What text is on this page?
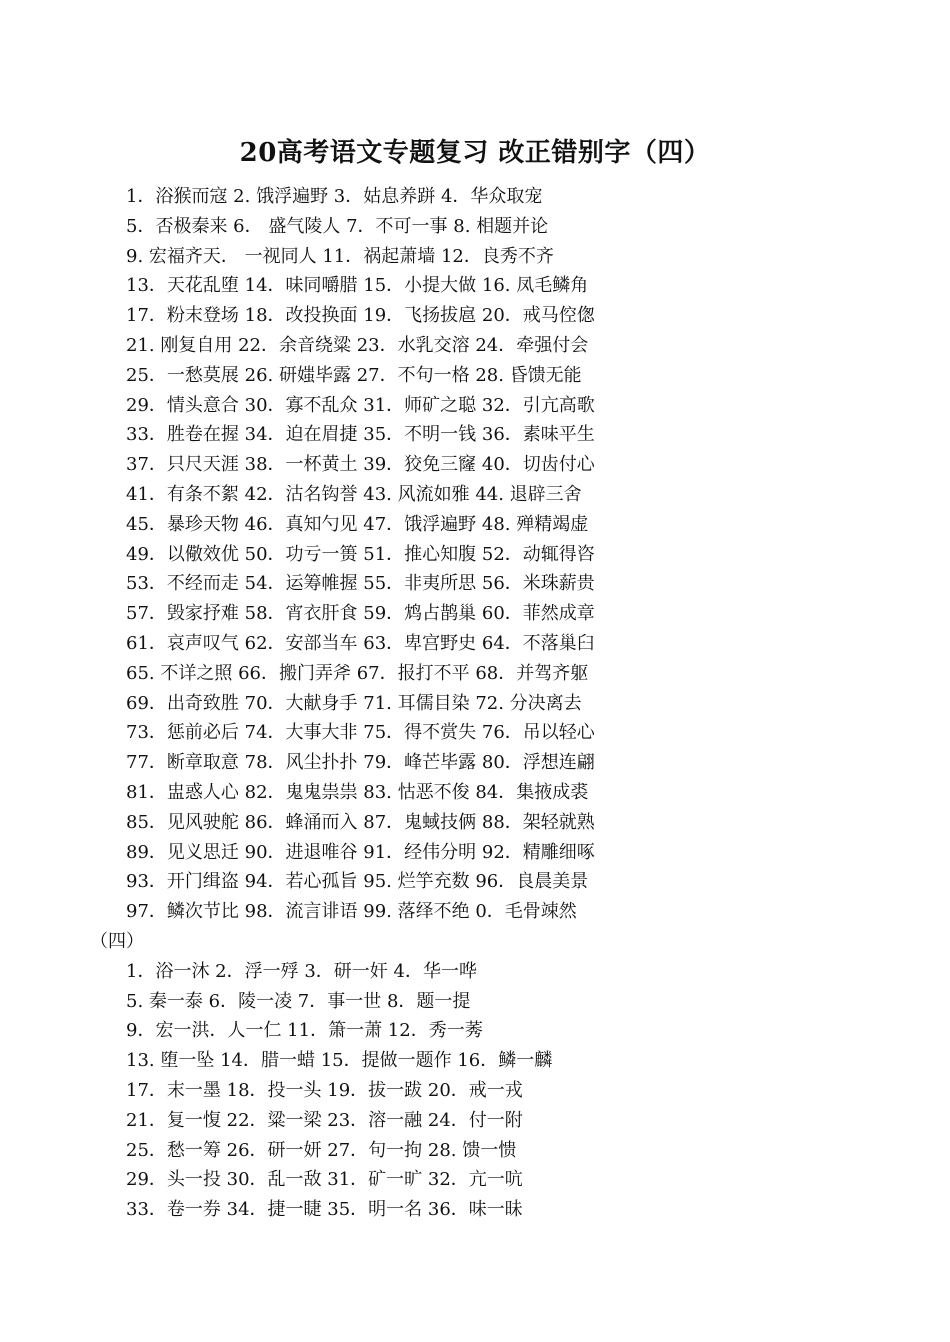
20高考语文专题复习 改正错别字（四）
1．浴猴而寇 2. 饿浮遍野 3．姑息养跰 4．华众取宠
5．否极秦来 6． 盛气陵人 7．不可一事 8. 相题并论
9. 宏福齐天． 一视同人 11．祸起萧墙 12．良秀不齐
13．天花乱堕 14．味同嚼腊 15．小提大做 16. 凤毛鳞角
17．粉末登场 18．改投换面 19．飞扬拔扈 20．戒马倥偬
21. 刚复自用 22．余音绕粱 23．水乳交溶 24．牵强付会
25．一愁莫展 26. 研媸毕露 27．不句一格 28. 昏馈无能
29．情头意合 30．寡不乱众 31．师矿之聪 32．引亢高歌
33．胜卷在握 34．迫在眉捷 35．不明一钱 36．素味平生
37．只尺天涯 38．一杯黄土 39．狡免三窿 40．切齿付心
41．有条不絮 42．沽名钩誉 43. 风流如雅 44. 退辟三舍
45．暴珍天物 46．真知勺见 47．饿浮遍野 48. 殚精竭虚
49．以儆效优 50．功亏一篑 51．推心知腹 52．动辄得咨
53．不经而走 54．运筹帷握 55．非夷所思 56．米珠薪贵
57．毁家抒难 58．宵衣肝食 59．鸩占鹊巢 60．菲然成章
61．哀声叹气 62．安部当车 63．卑宫野史 64．不落巢臼
65. 不详之照 66．搬门弄斧 67．报打不平 68．并驾齐躯
69．出奇致胜 70．大献身手 71. 耳儒目染 72. 分决离去
73．惩前必后 74．大事大非 75．得不赏失 76．吊以轻心
77．断章取意 78．风尘扑扑 79．峰芒毕露 80．浮想连翩
81．盅惑人心 82．鬼鬼祟祟 83. 怙恶不俊 84．集掖成裘
85．见风驶舵 86．蜂涌而入 87．鬼蜮技俩 88．架轻就熟
89．见义思迁 90．进退唯谷 91．经伟分明 92．精雕细啄
93．开门缉盗 94．若心孤旨 95. 烂竽充数 96．良晨美景
97．鳞次节比 98．流言诽语 99. 落绎不绝 0．毛骨竦然
（四）
1．浴一沐 2．浮一殍 3．研一奸 4．华一哗
5. 秦一泰 6．陵一凌 7．事一世 8．题一提
9．宏一洪．人一仁 11．箫一萧 12．秀一莠
13. 堕一坠 14．腊一蜡 15．提做一题作 16．鳞一麟
17．末一墨 18．投一头 19．拔一跋 20．戒一戎
21．复一愎 22．粱一梁 23．溶一融 24．付一附
25．愁一筹 26．研一妍 27．句一拘 28. 馈一愦
29．头一投 30．乱一敌 31．矿一旷 32．亢一吭
33．卷一券 34．捷一睫 35．明一名 36．味一昧
